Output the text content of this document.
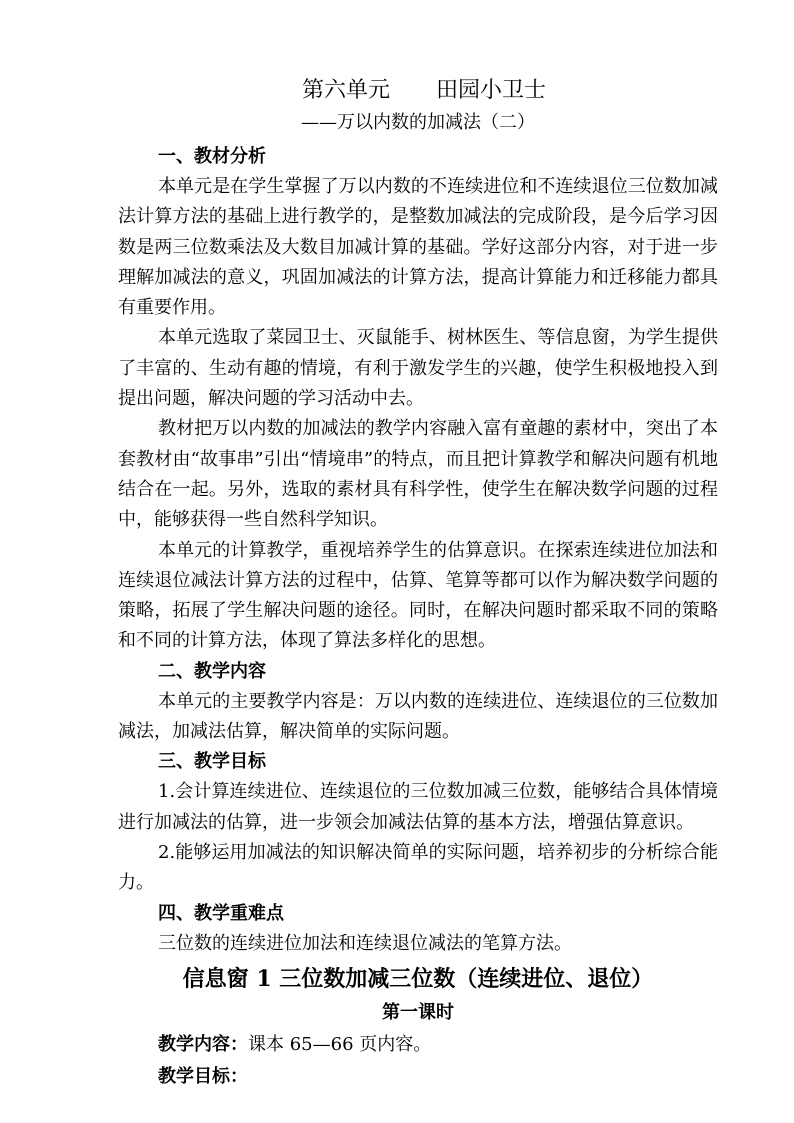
第六单元 田园小卫士
——万以内数的加减法（二）
一、教材分析

本单元是在学生掌握了万以内数的不连续进位和不连续退位三位数加减法计算方法的基础上进行教学的，是整数加减法的完成阶段，是今后学习因数是两三位数乘法及大数目加减计算的基础。学好这部分内容，对于进一步理解加减法的意义，巩固加减法的计算方法，提高计算能力和迁移能力都具有重要作用。

本单元选取了菜园卫士、灭鼠能手、树林医生、等信息窗，为学生提供了丰富的、生动有趣的情境，有利于激发学生的兴趣，使学生积极地投入到提出问题，解决问题的学习活动中去。

教材把万以内数的加减法的教学内容融入富有童趣的素材中，突出了本套教材由“故事串”引出“情境串”的特点，而且把计算教学和解决问题有机地结合在一起。另外，选取的素材具有科学性，使学生在解决数学问题的过程中，能够获得一些自然科学知识。

本单元的计算教学，重视培养学生的估算意识。在探索连续进位加法和连续退位减法计算方法的过程中，估算、笔算等都可以作为解决数学问题的策略，拓展了学生解决问题的途径。同时，在解决问题时都采取不同的策略和不同的计算方法，体现了算法多样化的思想。

二、教学内容

本单元的主要教学内容是：万以内数的连续进位、连续退位的三位数加减法，加减法估算，解决简单的实际问题。

三、教学目标

1.会计算连续进位、连续退位的三位数加减三位数，能够结合具体情境进行加减法的估算，进一步领会加减法估算的基本方法，增强估算意识。

2.能够运用加减法的知识解决简单的实际问题，培养初步的分析综合能力。

四、教学重难点

三位数的连续进位加法和连续退位减法的笔算方法。

信息窗 1 三位数加减三位数（连续进位、退位）
第一课时
教学内容：课本 65—66 页内容。
教学目标：
